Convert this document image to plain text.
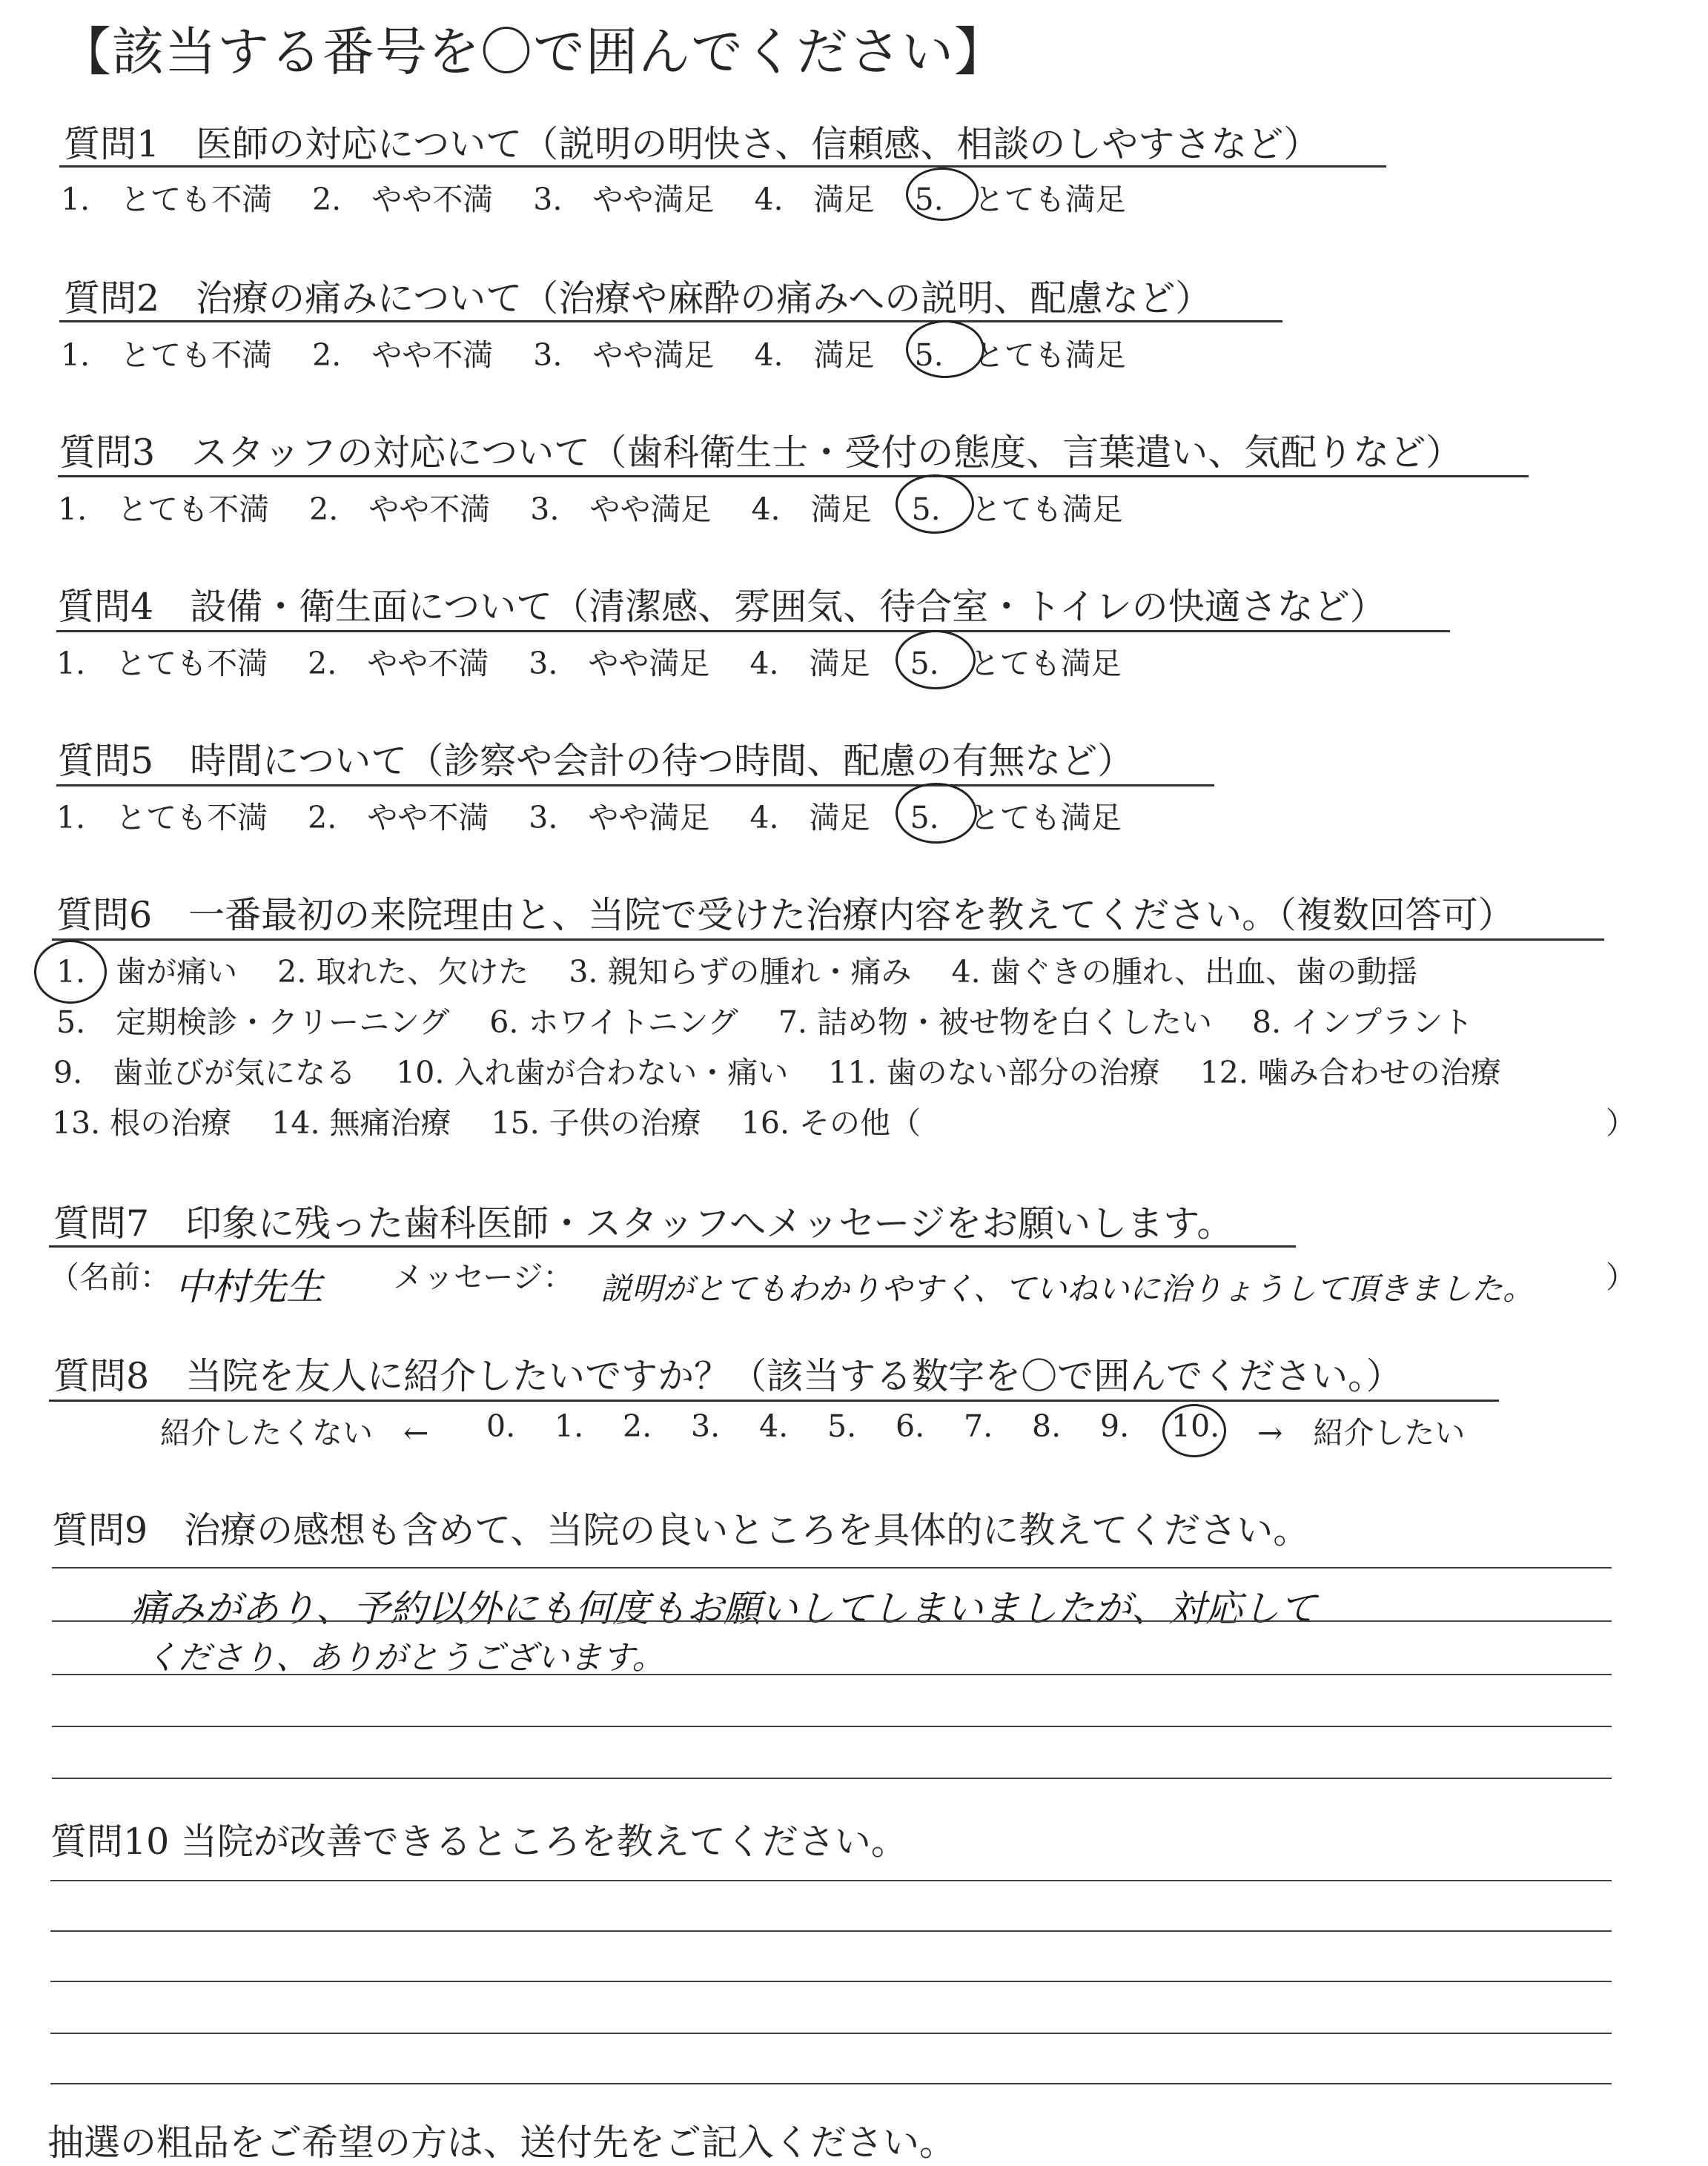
【該当する番号を〇で囲んでください】
質問1　医師の対応について（説明の明快さ、信頼感、相談のしやすさなど）
1.　とても不満　 2.　やや不満　 3.　やや満足　 4.　満足　 5.　とても満足
質問2　治療の痛みについて（治療や麻酔の痛みへの説明、配慮など）
1.　とても不満　 2.　やや不満　 3.　やや満足　 4.　満足　 5.　とても満足
質問3　スタッフの対応について（歯科衛生士・受付の態度、言葉遣い、気配りなど）
1.　とても不満　 2.　やや不満　 3.　やや満足　 4.　満足　 5.　とても満足
質問4　設備・衛生面について（清潔感、雰囲気、待合室・トイレの快適さなど）
1.　とても不満　 2.　やや不満　 3.　やや満足　 4.　満足　 5.　とても満足
質問5　時間について（診察や会計の待つ時間、配慮の有無など）
1.　とても不満　 2.　やや不満　 3.　やや満足　 4.　満足　 5.　とても満足
質問6　一番最初の来院理由と、当院で受けた治療内容を教えてください。（複数回答可）
1.　歯が痛い　 2. 取れた、欠けた　 3. 親知らずの腫れ・痛み　 4. 歯ぐきの腫れ、出血、歯の動揺
5.　定期検診・クリーニング　 6. ホワイトニング　 7. 詰め物・被せ物を白くしたい　 8. インプラント
9.　歯並びが気になる　 10. 入れ歯が合わない・痛い　 11. 歯のない部分の治療　 12. 噛み合わせの治療
13. 根の治療　 14. 無痛治療　 15. 子供の治療　 16. その他（	）
質問7　印象に残った歯科医師・スタッフへメッセージをお願いします。
（名前： 中村先生 メッセージ： 説明がとてもわかりやすく、ていねいに治りょうして頂きました。 ）
質問8　当院を友人に紹介したいですか？（該当する数字を〇で囲んでください。）
紹介したくない　← 0. 1. 2. 3. 4. 5. 6. 7. 8. 9. 10. →　紹介したい
質問9　治療の感想も含めて、当院の良いところを具体的に教えてください。
痛みがあり、予約以外にも何度もお願いしてしまいましたが、対応して
くださり、ありがとうございます。
質問10 当院が改善できるところを教えてください。
抽選の粗品をご希望の方は、送付先をご記入ください。
